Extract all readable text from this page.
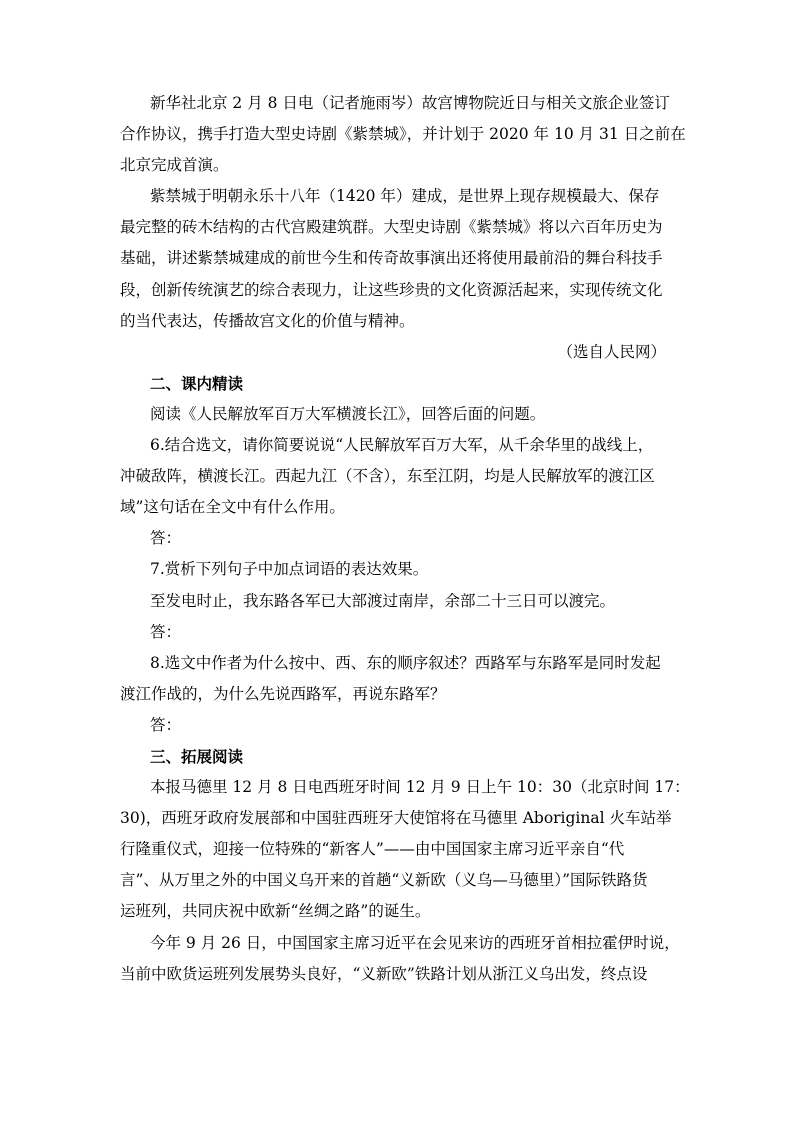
新华社北京 2 月 8 日电（记者施雨岑）故宫博物院近日与相关文旅企业签订
合作协议，携手打造大型史诗剧《紫禁城》，并计划于 2020 年 10 月 31 日之前在
北京完成首演。
紫禁城于明朝永乐十八年（1420 年）建成，是世界上现存规模最大、保存
最完整的砖木结构的古代宫殿建筑群。大型史诗剧《紫禁城》将以六百年历史为
基础，讲述紫禁城建成的前世今生和传奇故事演出还将使用最前沿的舞台科技手
段，创新传统演艺的综合表现力，让这些珍贵的文化资源活起来，实现传统文化
的当代表达，传播故宫文化的价值与精神。
（选自人民网）
二、课内精读
阅读《人民解放军百万大军横渡长江》，回答后面的问题。
6.结合选文，请你简要说说“人民解放军百万大军，从千余华里的战线上，
冲破敌阵，横渡长江。西起九江（不含），东至江阴，均是人民解放军的渡江区
域”这句话在全文中有什么作用。
答：
7.赏析下列句子中加点词语的表达效果。
至发电时止，我东路各军已大部渡过南岸，余部二十三日可以渡完。
答：
8.选文中作者为什么按中、西、东的顺序叙述？西路军与东路军是同时发起
渡江作战的，为什么先说西路军，再说东路军？
答：
三、拓展阅读
本报马德里 12 月 8 日电西班牙时间 12 月 9 日上午 10：30（北京时间 17：
30)，西班牙政府发展部和中国驻西班牙大使馆将在马德里 Aboriginal 火车站举
行隆重仪式，迎接一位特殊的“新客人”——由中国国家主席习近平亲自“代
言”、从万里之外的中国义乌开来的首趟“义新欧（义乌—马德里）”国际铁路货
运班列，共同庆祝中欧新“丝绸之路”的诞生。
今年 9 月 26 日，中国国家主席习近平在会见来访的西班牙首相拉霍伊时说，
当前中欧货运班列发展势头良好，“义新欧”铁路计划从浙江义乌出发，终点设
